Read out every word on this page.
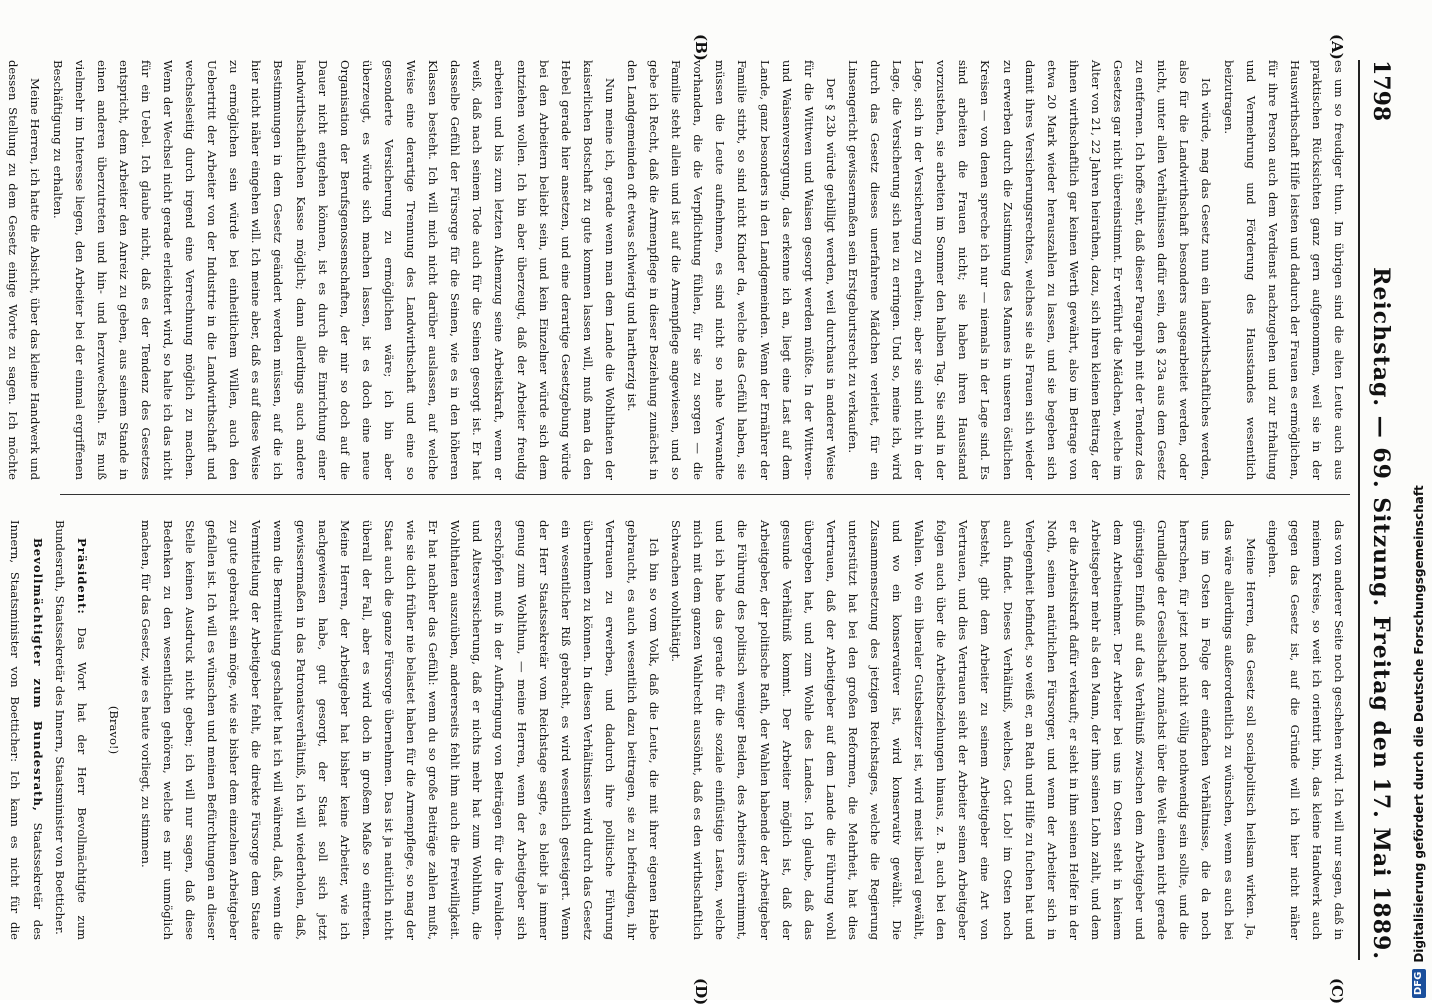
1798
Reichstag. — 69. Sitzung. Freitag den 17. Mai 1889.
(A)
(B)
(C)
(D)

es um so freudiger thun. Im übrigen sind die alten Leute auch aus praktischen Rücksichten ganz gern aufgenommen, weil sie in der Hauswirthschaft Hilfe leisten und dadurch der Frauen es ermöglichen, für ihre Person auch dem Verdienst nachzugehen und zur Erhaltung und Vermehrung und Förderung des Hausstandes wesentlich beizutragen.

Ich würde, mag das Gesetz nun ein landwirthschaftliches werden, also für die Landwirthschaft besonders ausgearbeitet werden, oder nicht, unter allen Verhältnissen dafür sein, den § 23a aus dem Gesetz zu entfernen. Ich hoffe sehr, daß dieser Paragraph mit der Tendenz des Gesetzes gar nicht übereinstimmt. Er verführt die Mädchen, welche im Alter von 21, 22 Jahren heirathen, dazu, sich ihren kleinen Beitrag, der ihnen wirthschaftlich gar keinen Werth gewährt, also im Betrage von etwa 20 Mark wieder herauszahlen zu lassen, und sie begeben sich damit ihres Versicherungsrechtes, welches sie als Frauen sich wieder zu erwerben durch die Zustimmung des Mannes in unseren östlichen Kreisen — von denen spreche ich nur — niemals in der Lage sind. Es sind arbeiten die Frauen nicht; sie haben ihren Hausstand vorzustehen, sie arbeiten im Sommer den halben Tag. Sie sind in der Lage, sich in der Versicherung zu erhalten; aber sie sind nicht in der Lage, die Versicherung sich neu zu erringen. Und so, meine ich, wird durch das Gesetz dieses unerfahrene Mädchen verleitet, für ein Linsengericht gewissermaßen sein Erstgeburtsrecht zu verkaufen.

Der § 23b würde gebilligt werden, weil durchaus in anderer Weise für die Wittwen und Waisen gesorgt werden müßte. In der Wittwen- und Waisenversorgung, das erkenne ich an, liegt eine Last auf dem Lande, ganz besonders in den Landgemeinden. Wenn der Ernährer der Familie stirbt, so sind nicht Kinder da, welche das Gefühl haben, sie müssen die Leute aufnehmen, es sind nicht so nahe Verwandte vorhanden, die die Verpflichtung fühlen, für sie zu sorgen — die Familie steht allein und ist auf die Armenpflege angewiesen, und so gebe ich Recht, daß die Armenpflege in dieser Beziehung zunächst in den Landgemeinden oft etwas schwierig und hartherzig ist.

Nun meine ich, gerade wenn man dem Lande die Wohlthaten der kaiserlichen Botschaft zu gute kommen lassen will, muß man da den Hebel gerade hier ansetzen, und eine derartige Gesetzgebung würde bei den Arbeitern beliebt sein, und kein Einzelner würde sich dem entziehen wollen. Ich bin aber überzeugt, daß der Arbeiter freudig arbeiten und bis zum letzten Athemzug seine Arbeitskraft, wenn er weiß, daß nach seinem Tode auch für die Seinen gesorgt ist. Er hat dasselbe Gefühl der Fürsorge für die Seinen, wie es in den höheren Klassen besteht. Ich will mich nicht darüber auslassen, auf welche Weise eine derartige Trennung des Landwirthschaft und eine so gesonderte Versicherung zu ermöglichen wäre; ich bin aber überzeugt, es würde sich machen lassen, ist es doch eine neue Organisation der Berufsgenossenschaften, der mir so doch auf die Dauer nicht entgehen können, ist es durch die Einrichtung einer landwirthschaftlichen Kasse möglich; dann allerdings auch andere Bestimmungen in dem Gesetz geändert werden müssen, auf die ich hier nicht näher eingehen will. Ich meine aber, daß es auf diese Weise zu ermöglichen sein würde bei einheitlichem Willen, auch den Uebertritt der Arbeiter von der Industrie in die Landwirthschaft und wechselseitig durch irgend eine Verrechnung möglich zu machen. Wenn der Wechsel nicht gerade erleichtert wird, so halte ich das nicht für ein Uebel. Ich glaube nicht, daß es der Tendenz des Gesetzes entspricht, dem Arbeiter den Anreiz zu geben, aus seinem Stande in einen anderen überzutreten und hin- und herzuwechseln. Es muß vielmehr im Interesse liegen, den Arbeiter bei der einmal ergriffenen Beschäftigung zu erhalten.

Meine Herren, ich hatte die Absicht, über das kleine Handwerk und dessen Stellung zu dem Gesetz einige Worte zu sagen. Ich möchte

das von anderer Seite noch geschehen wird. Ich will nur sagen, daß in meinem Kreise, so weit ich orientirt bin, das kleine Handwerk auch gegen das Gesetz ist, auf die Gründe will ich hier nicht näher eingehen.

Meine Herren, das Gesetz soll socialpolitisch heilsam wirken. Ja, das wäre allerdings außerordentlich zu wünschen, wenn es auch bei uns im Osten in Folge der einfachen Verhältnisse, die da noch herrschen, für jetzt noch nicht völlig nothwendig sein sollte, und die Grundlage der Gesellschaft zunächst über die Welt einen nicht gerade günstigen Einfluß auf das Verhältniß zwischen dem Arbeitgeber und dem Arbeitnehmer. Der Arbeiter bei uns im Osten steht in keinem Arbeitsgeber mehr als den Mann, der ihm seinen Lohn zahlt, und dem er die Arbeitskraft dafür verkauft; er sieht in ihm seinen Helfer in der Noth, seinen natürlichen Fürsorger, und wenn der Arbeiter sich in Verlegenheit befindet, so weiß er, an Rath und Hilfe zu fuchen hat und auch findet. Dieses Verhältniß, welches, Gott Lob! im Osten noch besteht, gibt dem Arbeiter zu seinem Arbeitgeber eine Art von Vertrauen, und dies Vertrauen sieht der Arbeiter seinen Arbeitgeber folgen auch über die Arbeitsbeziehungen hinaus, z. B. auch bei den Wahlen. Wo ein liberaler Gutsbesitzer ist, wird meist liberal gewählt, und wo ein konservativer ist, wird konservativ gewählt. Die Zusammensetzung des jetzigen Reichstages, welche die Regierung unterstützt hat bei den großen Reformen, die Mehrheit, hat dies Vertrauen, daß der Arbeitgeber auf dem Lande die Führung wohl übergeben hat, und zum Wohle des Landes. Ich glaube, daß das gesunde Verhältniß kommt. Der Arbeiter möglich ist, daß der Arbeitgeber, der politische Rath, der Wahlen habende der Arbeitgeber die Führung des politisch weniger Beiden, des Arbeiters übernimmt, und ich habe das gerade für die soziale einflüstige Lasten, welche mich mit dem ganzen Wahlrecht aussöhnt, daß es den wirthschaftlich Schwachen wohlthätigt.

Ich bin so vom Volk, daß die Leute, die mit ihrer eigenen Habe gebraucht, es auch wesentlich dazu beitragen, sie zu befriedigen, ihr Vertrauen zu erwerben, und dadurch ihre politische Führung übernehmen zu können. In diesen Verhältnissen wird durch das Gesetz ein wesentlicher Riß gebracht, es wird wesentlich gesteigert. Wenn der Herr Staatssekretär vom Reichstage sagte, es bleibt ja immer genug zum Wohlthun, — meine Herren, wenn der Arbeitgeber sich erschöpfen muß in der Aufbringung von Beiträgen für die Invaliden- und Altersversicherung, daß er nichts mehr hat zum Wohlthun, die Wohlthaten auszuüben, andererseits fehlt ihm auch die Freiwilligkeit. Er hat nachher das Gefühl: wenn du so große Beiträge zahlen mußt, wie sie dich früher nie belastet haben für die Armenpflege, so mag der Staat auch die ganze Fürsorge übernehmen. Das ist ja natürlich nicht überall der Fall, aber es wird doch in großem Maße so eintreten. Meine Herren, der Arbeitgeber hat bisher keine Arbeiter, wie ich nachgewiesen habe, gut gesorgt, der Staat soll sich jetzt gewissermaßen in das Patronatsverhältniß, ich will wiederholen, daß, wenn die Bermittelung geschaltet hat ich will während, daß, wenn die Vermittelung der Arbeitgeber fehlt, die direkte Fürsorge dem Staate zu gute gebracht sein möge, wie sie bisher dem einzelnen Arbeitgeber gefallen ist. Ich will es wünschen und meinen Befürchtungen an dieser Stelle keinen Ausdruck nicht geben; ich will nur sagen, daß diese Bedenken zu den wesentlichen gehören, welche es mir unmöglich machen, für das Gesetz, wie es heute vorliegt, zu stimmen.

(Bravo!)

Präsident: Das Wort hat der Herr Bevollmächtigte zum Bundesrath, Staatssekretär des Innern, Staatsminister von Boetticher.

Bevollmächtigter zum Bundesrath, Staatssekretär des Innern, Staatsminister von Boetticher: Ich kann es nicht für die

DFG
Digitalisierung gefördert durch die Deutsche Forschungsgemeinschaft
